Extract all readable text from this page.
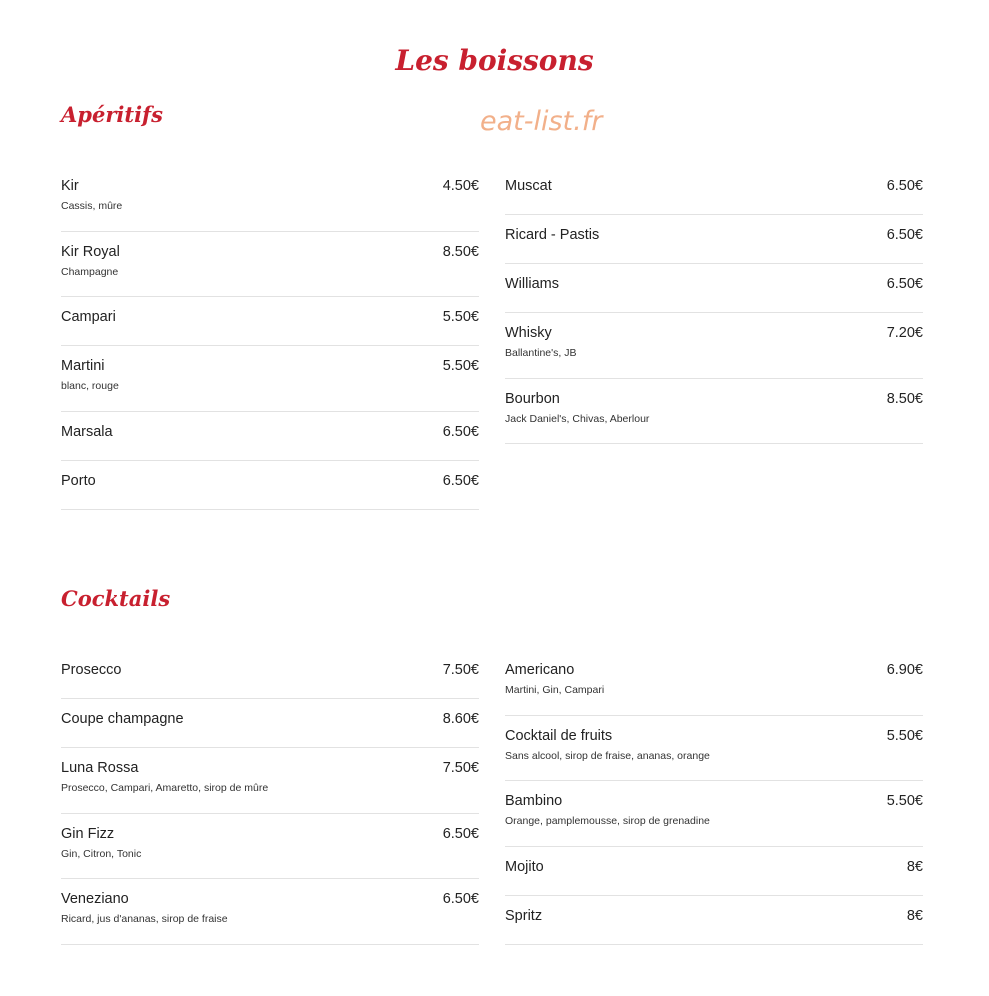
Les boissons
eat-list.fr
Apéritifs
Kir	4.50€
Cassis, mûre
Kir Royal	8.50€
Champagne
Campari	5.50€
Martini	5.50€
blanc, rouge
Marsala	6.50€
Porto	6.50€
Muscat	6.50€
Ricard - Pastis	6.50€
Williams	6.50€
Whisky	7.20€
Ballantine's, JB
Bourbon	8.50€
Jack Daniel's, Chivas, Aberlour
Cocktails
Prosecco	7.50€
Coupe champagne	8.60€
Luna Rossa	7.50€
Prosecco, Campari, Amaretto, sirop de mûre
Gin Fizz	6.50€
Gin, Citron, Tonic
Veneziano	6.50€
Ricard, jus d'ananas, sirop de fraise
Americano	6.90€
Martini, Gin, Campari
Cocktail de fruits	5.50€
Sans alcool, sirop de fraise, ananas, orange
Bambino	5.50€
Orange, pamplemousse, sirop de grenadine
Mojito	8€
Spritz	8€
